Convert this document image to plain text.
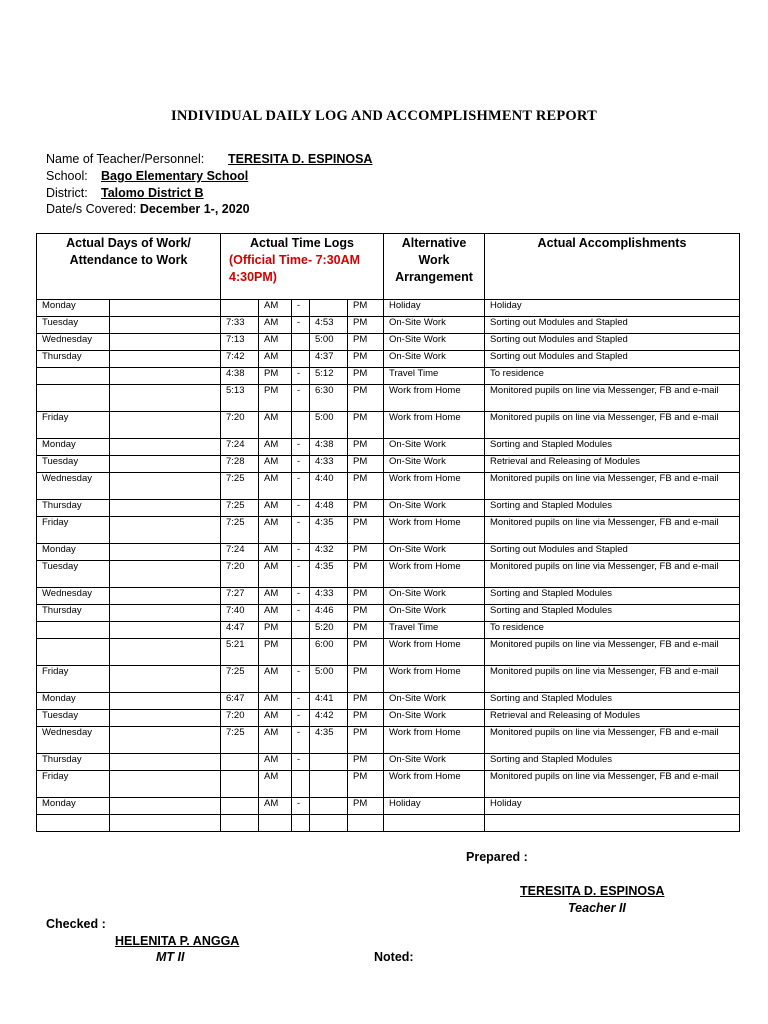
INDIVIDUAL DAILY LOG AND ACCOMPLISHMENT REPORT
Name of Teacher/Personnel: TERESITA D. ESPINOSA
School: Bago Elementary School
District: Talomo District B
Date/s Covered: December 1-, 2020
Actual Days of Work/ Attendance to Work		Actual Time Logs
(Official Time- 7:30AM 4:30PM)					Alternative Work Arrangement	Actual Accomplishments
Monday			AM	-		PM	Holiday	Holiday
Tuesday		7:33	AM	-	4:53	PM	On-Site Work	Sorting out Modules and Stapled
Wednesday		7:13	AM		5:00	PM	On-Site Work	Sorting out Modules and Stapled
Thursday		7:42	AM		4:37	PM	On-Site Work	Sorting out Modules and Stapled
		4:38	PM	-	5:12	PM	Travel Time	To residence
		5:13	PM	-	6:30	PM	Work from Home	Monitored pupils on line via Messenger, FB and e-mail
Friday		7:20	AM		5:00	PM	Work from Home	Monitored pupils on line via Messenger, FB and e-mail
Monday		7:24	AM	-	4:38	PM	On-Site Work	Sorting and Stapled Modules
Tuesday		7:28	AM	-	4:33	PM	On-Site Work	Retrieval and Releasing of Modules
Wednesday		7:25	AM	-	4:40	PM	Work from Home	Monitored pupils on line via Messenger, FB and e-mail
Thursday		7:25	AM	-	4:48	PM	On-Site Work	Sorting and Stapled Modules
Friday		7:25	AM	-	4:35	PM	Work from Home	Monitored pupils on line via Messenger, FB and e-mail
Monday		7:24	AM	-	4:32	PM	On-Site Work	Sorting out Modules and Stapled
Tuesday		7:20	AM	-	4:35	PM	Work from Home	Monitored pupils on line via Messenger, FB and e-mail
Wednesday		7:27	AM	-	4:33	PM	On-Site Work	Sorting and Stapled Modules
Thursday		7:40	AM	-	4:46	PM	On-Site Work	Sorting and Stapled Modules
		4:47	PM		5:20	PM	Travel Time	To residence
		5:21	PM		6:00	PM	Work from Home	Monitored pupils on line via Messenger, FB and e-mail
Friday		7:25	AM	-	5:00	PM	Work from Home	Monitored pupils on line via Messenger, FB and e-mail
Monday		6:47	AM	-	4:41	PM	On-Site Work	Sorting and Stapled Modules
Tuesday		7:20	AM	-	4:42	PM	On-Site Work	Retrieval and Releasing of Modules
Wednesday		7:25	AM	-	4:35	PM	Work from Home	Monitored pupils on line via Messenger, FB and e-mail
Thursday			AM	-		PM	On-Site Work	Sorting and Stapled Modules
Friday			AM			PM	Work from Home	Monitored pupils on line via Messenger, FB and e-mail
Monday			AM	-		PM	Holiday	Holiday

Prepared :
TERESITA D. ESPINOSA
Teacher II
Checked :
HELENITA P. ANGGA
MT II	Noted:
